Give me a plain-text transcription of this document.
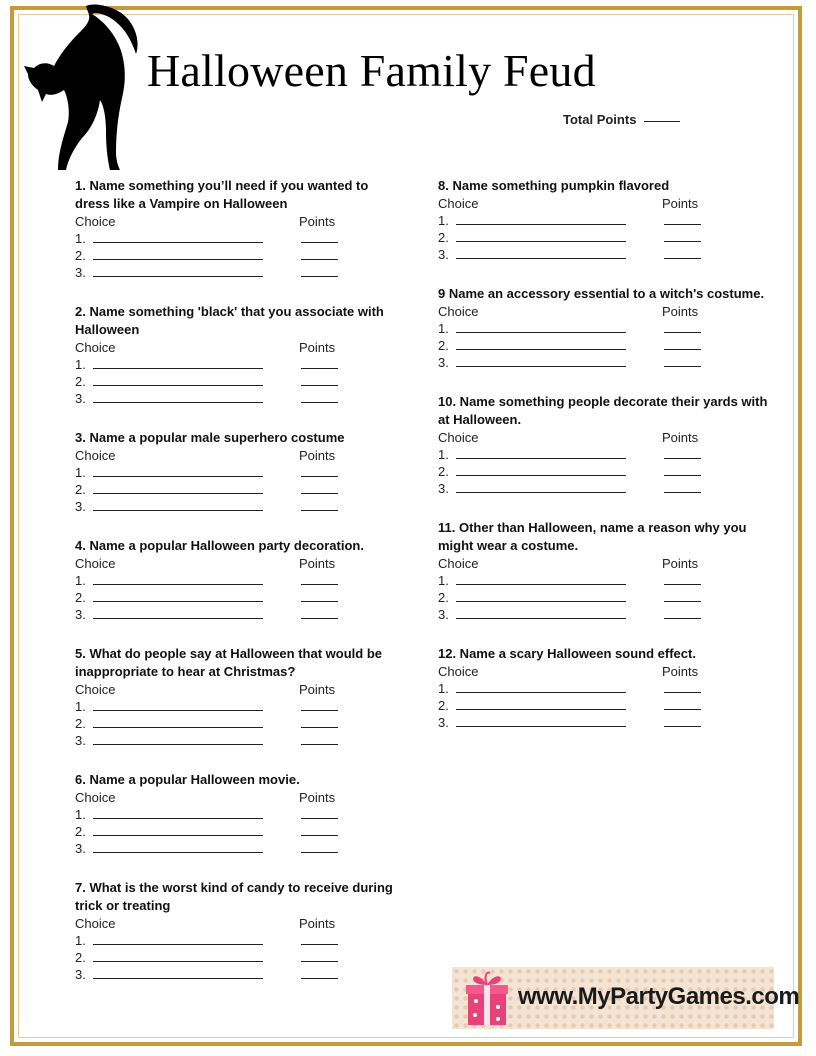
Halloween Family Feud
Total Points

1. Name something you’ll need if you wanted to dress like a Vampire on Halloween

Choice	Points
1.
2.
3.

2. Name something 'black' that you associate with Halloween

Choice	Points
1.
2.
3.

3. Name a popular male superhero costume

Choice	Points
1.
2.
3.

4. Name a popular Halloween party decoration.

Choice	Points
1.
2.
3.

5. What do people say at Halloween that would be inappropriate to hear at Christmas?

Choice	Points
1.
2.
3.

6. Name a popular Halloween movie.

Choice	Points
1.
2.
3.

7. What is the worst kind of candy to receive during trick or treating

Choice	Points
1.
2.
3.

8. Name something pumpkin flavored

Choice	Points
1.
2.
3.

9 Name an accessory essential to a witch's costume.

Choice	Points
1.
2.
3.

10. Name something people decorate their yards with at Halloween.

Choice	Points
1.
2.
3.

11. Other than Halloween, name a reason why you might wear a costume.

Choice	Points
1.
2.
3.

12. Name a scary Halloween sound effect.

Choice	Points
1.
2.
3.
www.MyPartyGames.com
